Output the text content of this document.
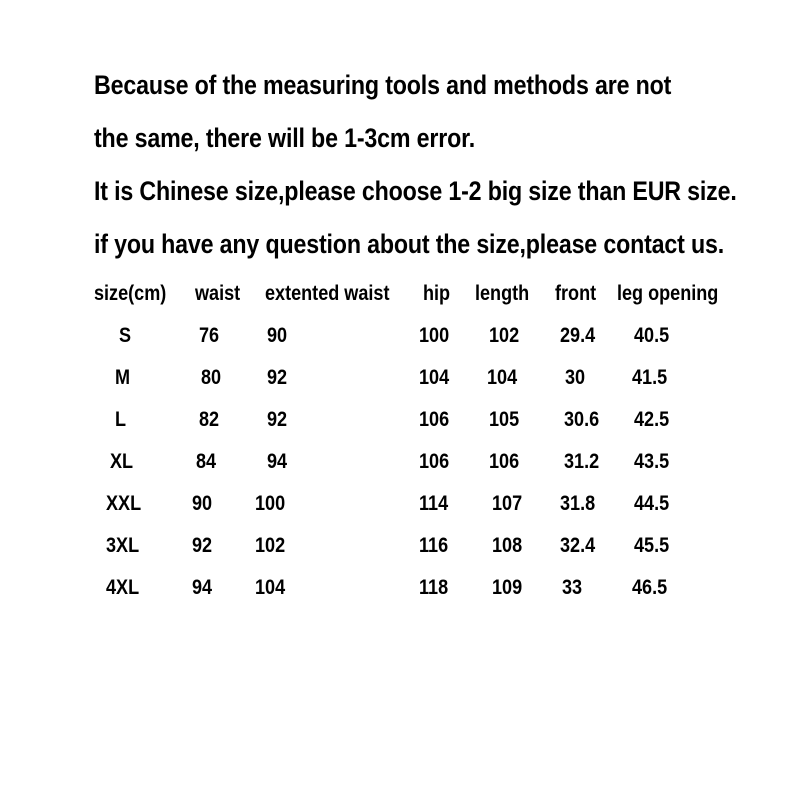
Because of the measuring tools and methods are not

the same, there will be 1-3cm error.

It is Chinese size,please choose 1-2 big size than EUR size.

if you have any question about the size,please contact us.

size(cm) waist extented waist hip length front leg opening
S	76 90	100 102 29.4 40.5
M	80 92	104 104 30 41.5
L	82 92	106 105 30.6 42.5
XL	84 94	106 106 31.2 43.5
XXL 90 100	114 107 31.8 44.5
3XL	92 102	116 108 32.4 45.5
4XL	94 104	118 109 33 46.5
